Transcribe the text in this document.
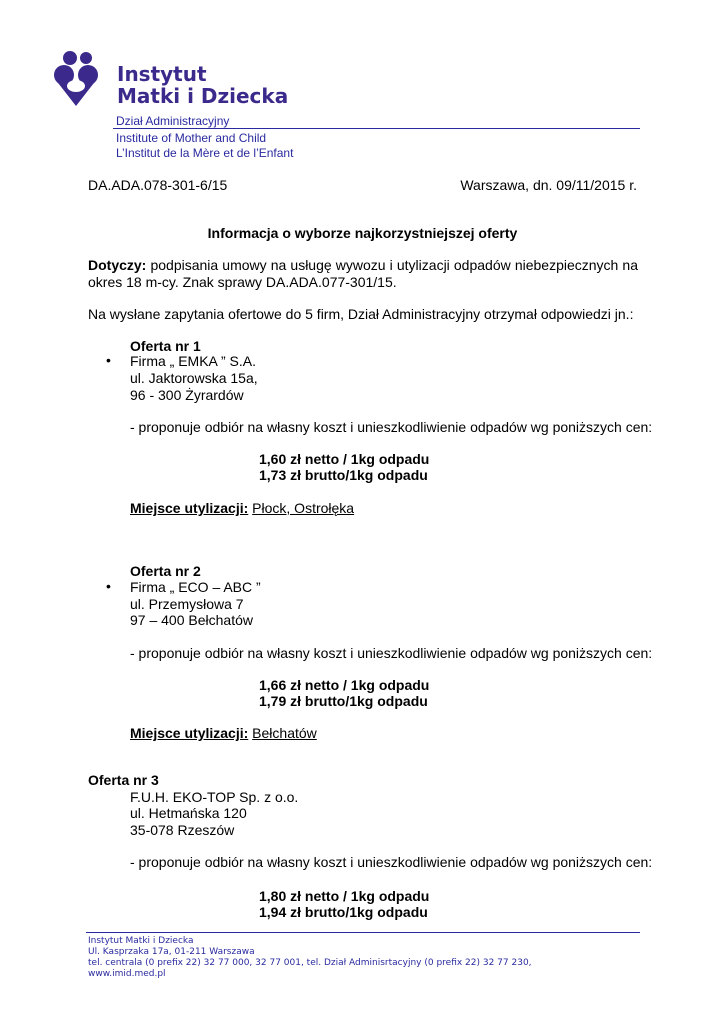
Instytut
Matki i Dziecka
Dział Administracyjny
Institute of Mother and Child
L’Institut de la Mère et de l’Enfant
DA.ADA.078-301-6/15	Warszawa, dn. 09/11/2015 r.
Informacja o wyborze najkorzystniejszej oferty

Dotyczy: podpisania umowy na usługę wywozu i utylizacji odpadów niebezpiecznych na okres 18 m-cy. Znak sprawy DA.ADA.077-301/15.

Na wysłane zapytania ofertowe do 5 firm, Dział Administracyjny otrzymał odpowiedzi jn.:
Oferta nr 1
• Firma „ EMKA ” S.A.
ul. Jaktorowska 15a,
96 - 300 Żyrardów
- proponuje odbiór na własny koszt i unieszkodliwienie odpadów wg poniższych cen:
1,60 zł netto / 1kg odpadu
1,73 zł brutto/1kg odpadu
Miejsce utylizacji: Płock, Ostrołęka
Oferta nr 2
• Firma „ ECO – ABC ”
ul. Przemysłowa 7
97 – 400 Bełchatów
- proponuje odbiór na własny koszt i unieszkodliwienie odpadów wg poniższych cen:
1,66 zł netto / 1kg odpadu
1,79 zł brutto/1kg odpadu
Miejsce utylizacji: Bełchatów
Oferta nr 3
F.U.H. EKO-TOP Sp. z o.o.
ul. Hetmańska 120
35-078 Rzeszów
- proponuje odbiór na własny koszt i unieszkodliwienie odpadów wg poniższych cen:
1,80 zł netto / 1kg odpadu
1,94 zł brutto/1kg odpadu
Instytut Matki i Dziecka
Ul. Kasprzaka 17a, 01-211 Warszawa
tel. centrala (0 prefix 22) 32 77 000, 32 77 001, tel. Dział Adminisrtacyjny (0 prefix 22) 32 77 230,
www.imid.med.pl
